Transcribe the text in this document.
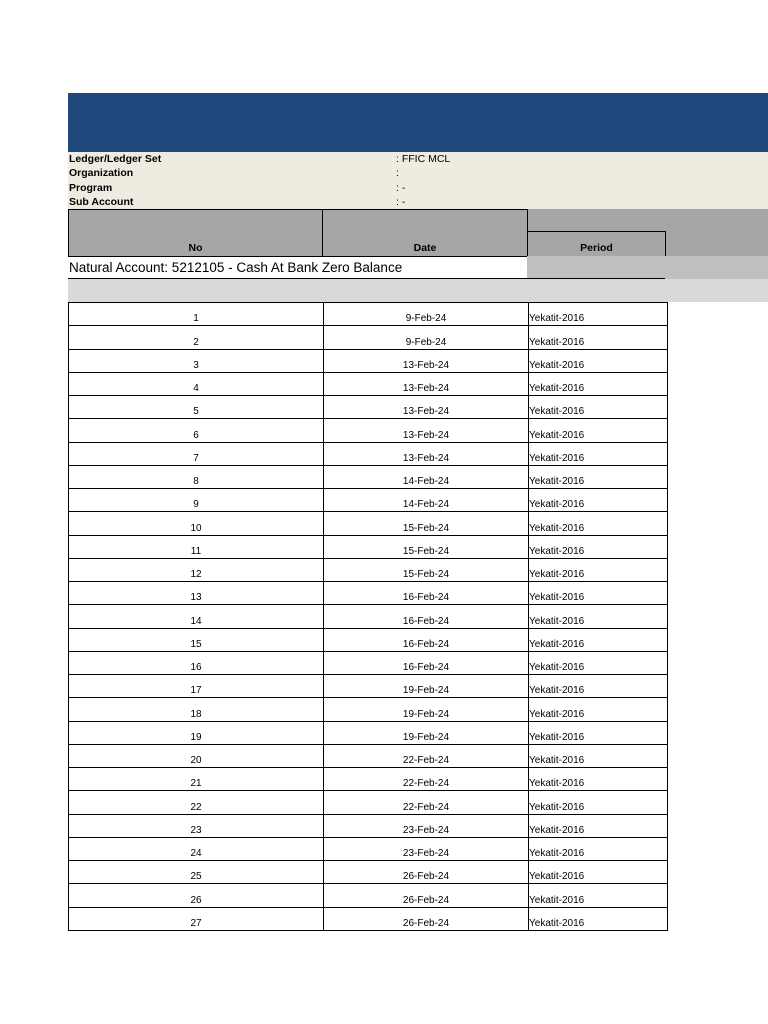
Ledger/Ledger Set	: FFIC MCL
Organization	:
Program	: -
Sub Account	: -
No	Date	Period
Natural Account: 5212105 - Cash At Bank Zero Balance
1	9-Feb-24	Yekatit-2016
2	9-Feb-24	Yekatit-2016
3	13-Feb-24	Yekatit-2016
4	13-Feb-24	Yekatit-2016
5	13-Feb-24	Yekatit-2016
6	13-Feb-24	Yekatit-2016
7	13-Feb-24	Yekatit-2016
8	14-Feb-24	Yekatit-2016
9	14-Feb-24	Yekatit-2016
10	15-Feb-24	Yekatit-2016
11	15-Feb-24	Yekatit-2016
12	15-Feb-24	Yekatit-2016
13	16-Feb-24	Yekatit-2016
14	16-Feb-24	Yekatit-2016
15	16-Feb-24	Yekatit-2016
16	16-Feb-24	Yekatit-2016
17	19-Feb-24	Yekatit-2016
18	19-Feb-24	Yekatit-2016
19	19-Feb-24	Yekatit-2016
20	22-Feb-24	Yekatit-2016
21	22-Feb-24	Yekatit-2016
22	22-Feb-24	Yekatit-2016
23	23-Feb-24	Yekatit-2016
24	23-Feb-24	Yekatit-2016
25	26-Feb-24	Yekatit-2016
26	26-Feb-24	Yekatit-2016
27	26-Feb-24	Yekatit-2016
